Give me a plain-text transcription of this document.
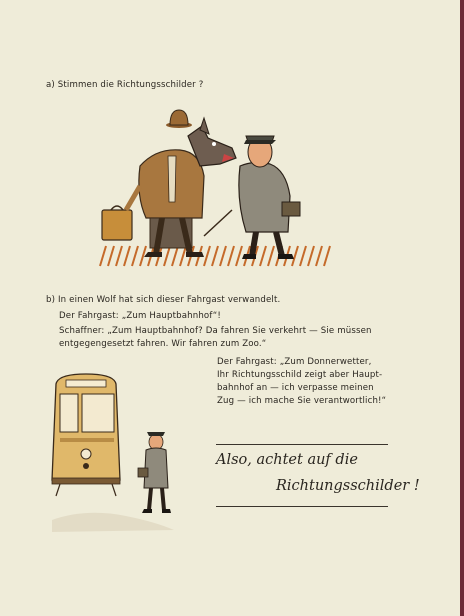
a) Stimmen die Richtungsschilder ?
b) In einen Wolf hat sich dieser Fahrgast verwandelt.
Der Fahrgast: „Zum Hauptbahnhof“!
Schaffner: „Zum Hauptbahnhof? Da fahren Sie verkehrt — Sie müssen
entgegengesetzt fahren. Wir fahren zum Zoo.“
Der Fahrgast: „Zum Donnerwetter,
Ihr Richtungsschild zeigt aber Haupt-
bahnhof an — ich verpasse meinen
Zug — ich mache Sie verantwortlich!“
Also, achtet auf die
Richtungsschilder !
